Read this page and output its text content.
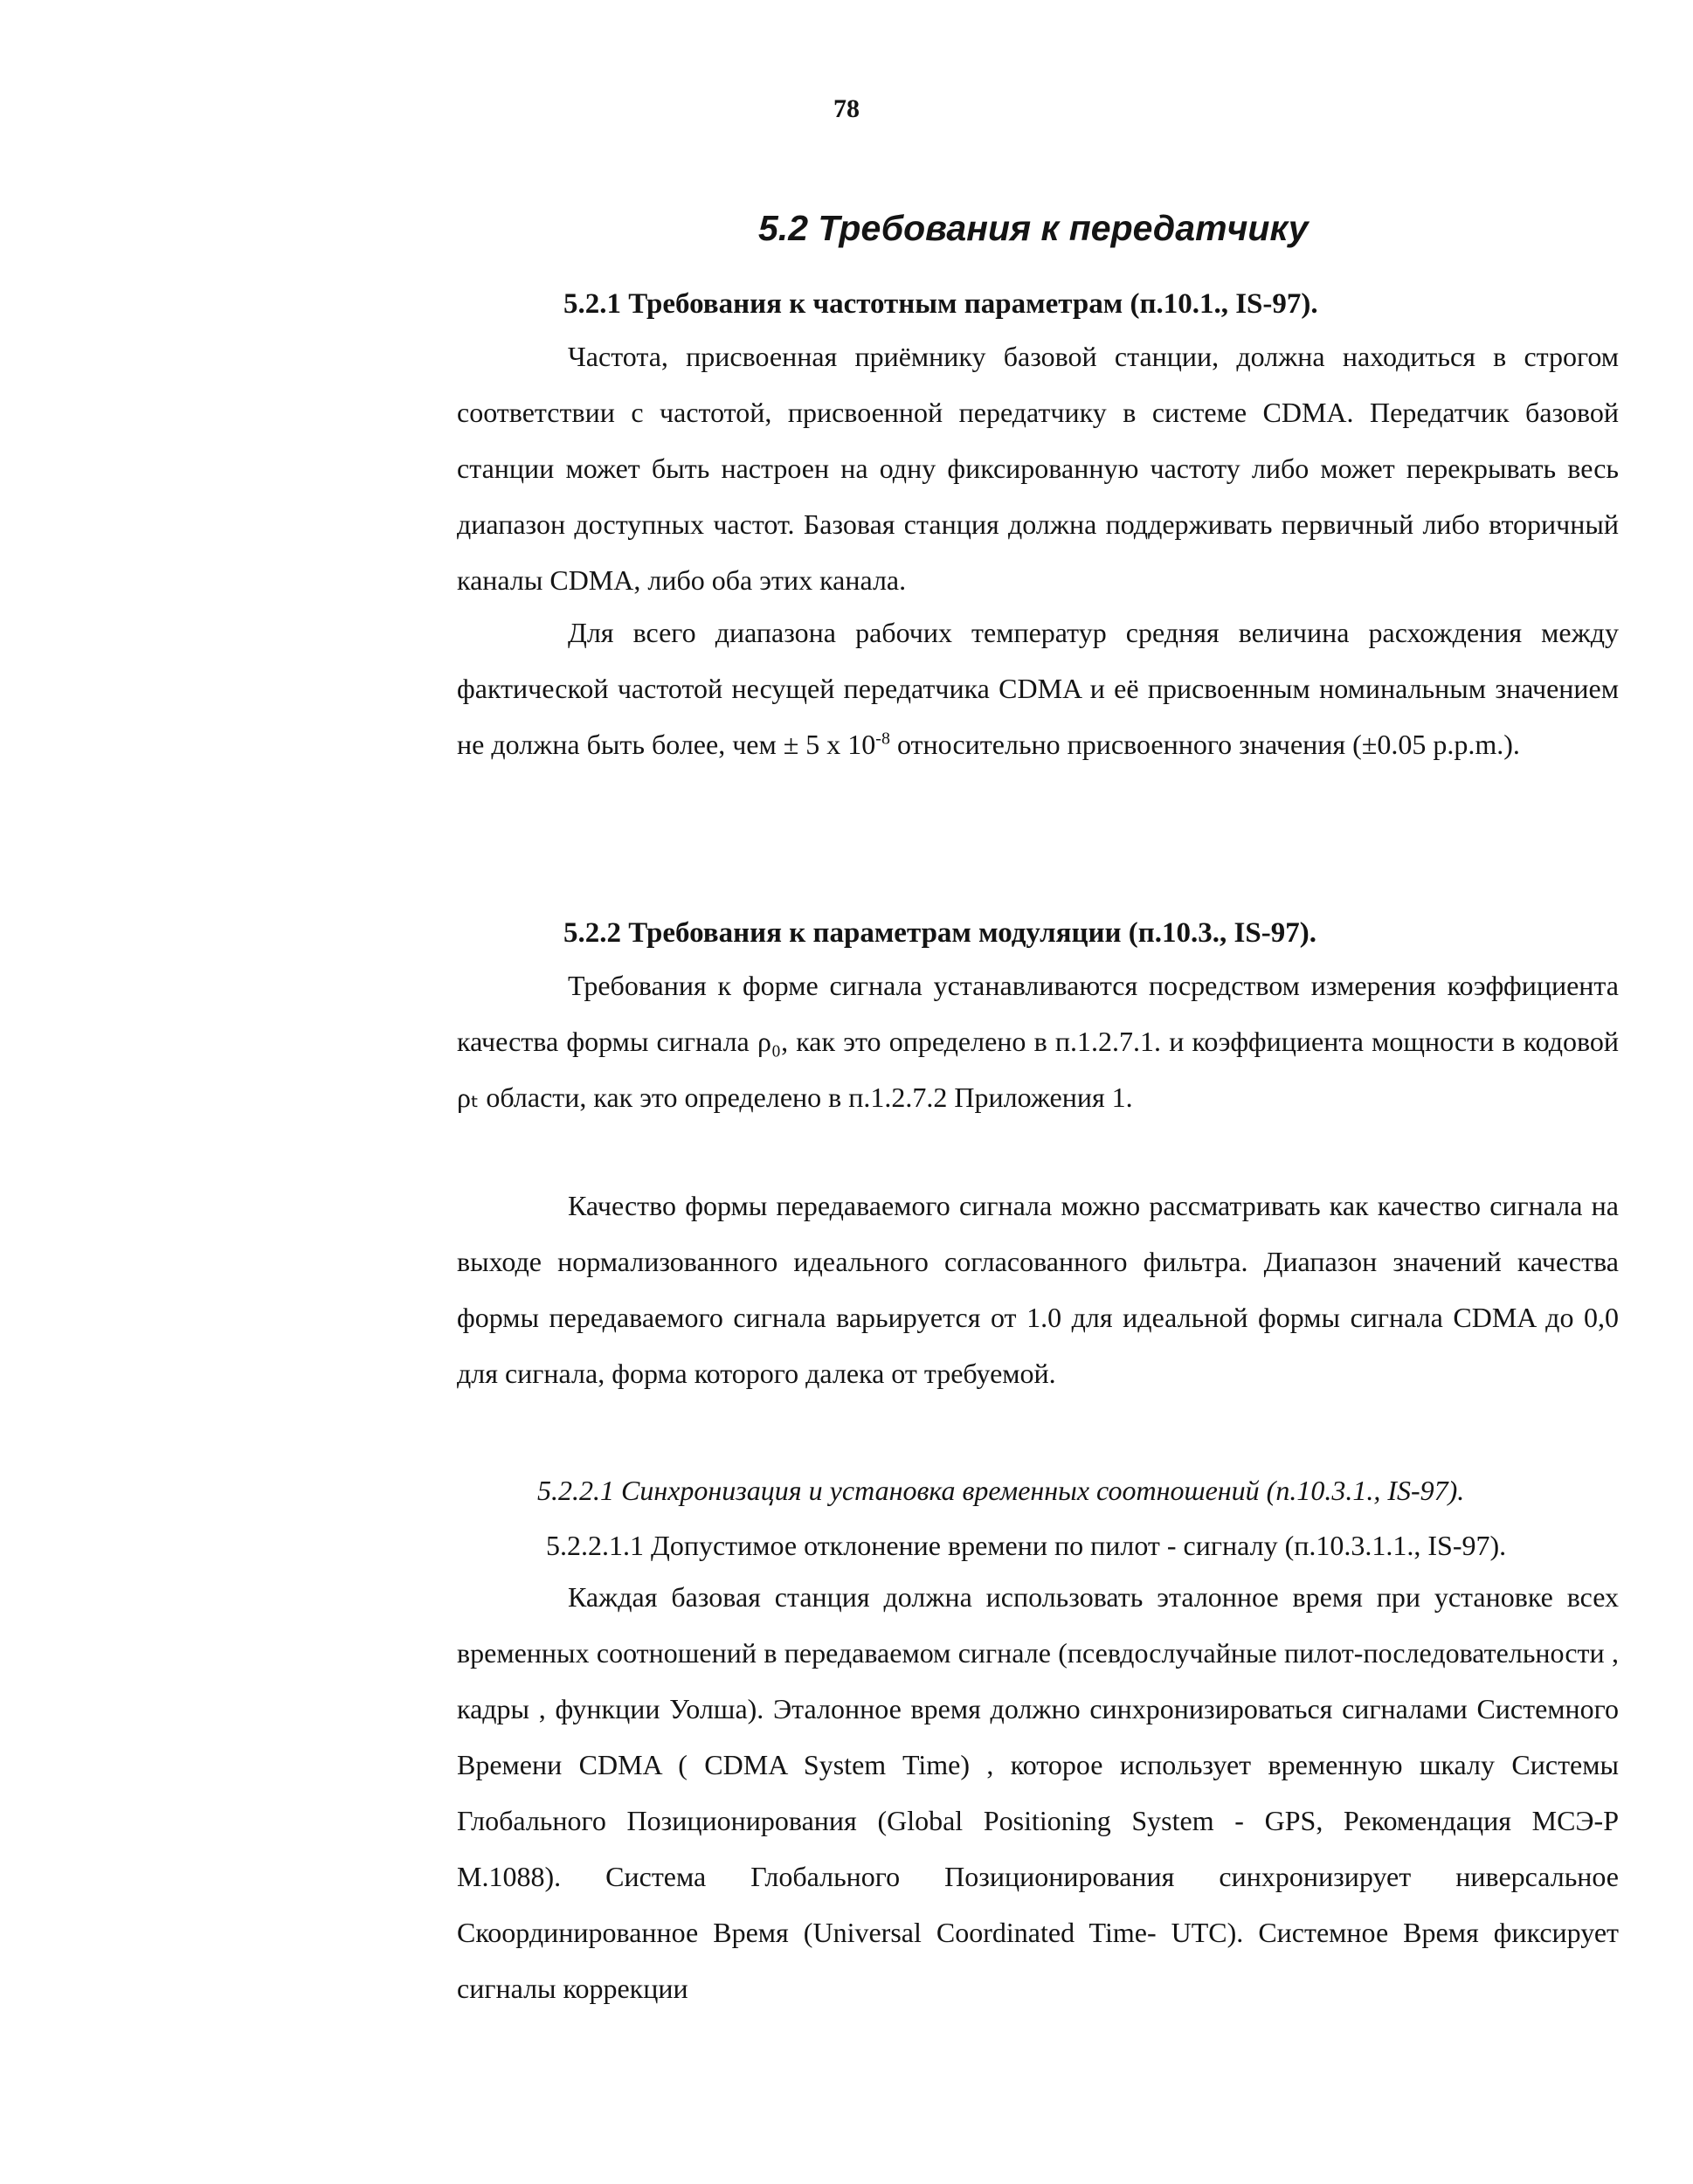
78
5.2 Требования к передатчику
5.2.1 Требования к частотным параметрам (п.10.1., IS-97).

Частота, присвоенная приёмнику базовой станции, должна находиться в строгом соответствии с частотой, присвоенной передатчику в системе CDMA. Передатчик базовой станции может быть настроен на одну фиксированную частоту либо может перекрывать весь диапазон доступных частот. Базовая станция должна поддерживать первичный либо вторичный каналы CDMA, либо оба этих канала.

Для всего диапазона рабочих температур средняя величина расхождения между фактической частотой несущей передатчика CDMA и её присвоенным номинальным значением не должна быть более, чем ± 5 x $10^{-8}$ относительно присвоенного значения (±0.05 p.p.m.).

5.2.2 Требования к параметрам модуляции (п.10.3., IS-97).

Требования к форме сигнала устанавливаются посредством измерения коэффициента качества формы сигнала ρ₀, как это определено в п.1.2.7.1. и коэффициента мощности в кодовой ρₜ области, как это определено в п.1.2.7.2 Приложения 1.

Качество формы передаваемого сигнала можно рассматривать как качество сигнала на выходе нормализованного идеального согласованного фильтра. Диапазон значений качества формы передаваемого сигнала варьируется от 1.0 для идеальной формы сигнала CDMA до 0,0 для сигнала, форма которого далека от требуемой.

5.2.2.1 Синхронизация и установка временных соотношений (п.10.3.1., IS-97).
5.2.2.1.1 Допустимое отклонение времени по пилот - сигналу (п.10.3.1.1., IS-97).

Каждая базовая станция должна использовать эталонное время при установке всех временных соотношений в передаваемом сигнале (псевдослучайные пилот-последовательности , кадры , функции Уолша). Эталонное время должно синхронизироваться сигналами Системного Времени CDMA ( CDMA System Time) , которое использует временную шкалу Системы Глобального Позиционирования (Global Positioning System - GPS, Рекомендация МСЭ-Р М.1088). Система Глобального Позиционирования синхронизирует ниверсальное Скоординированное Время (Universal Coordinated Time- UTC). Системное Время фиксирует сигналы коррекции
